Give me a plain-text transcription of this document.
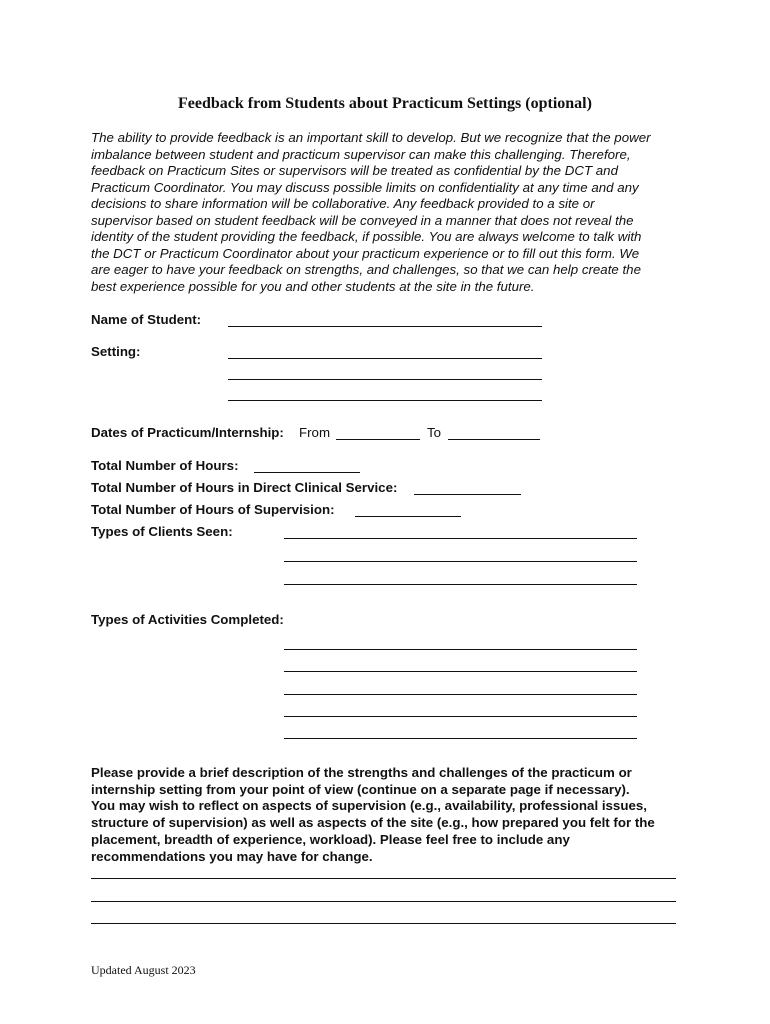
Feedback from Students about Practicum Settings (optional)
The ability to provide feedback is an important skill to develop. But we recognize that the power
imbalance between student and practicum supervisor can make this challenging. Therefore,
feedback on Practicum Sites or supervisors will be treated as confidential by the DCT and
Practicum Coordinator. You may discuss possible limits on confidentiality at any time and any
decisions to share information will be collaborative. Any feedback provided to a site or
supervisor based on student feedback will be conveyed in a manner that does not reveal the
identity of the student providing the feedback, if possible. You are always welcome to talk with
the DCT or Practicum Coordinator about your practicum experience or to fill out this form. We
are eager to have your feedback on strengths, and challenges, so that we can help create the
best experience possible for you and other students at the site in the future.
Name of Student:
Setting:
Dates of Practicum/Internship: From	To
Total Number of Hours:
Total Number of Hours in Direct Clinical Service:
Total Number of Hours of Supervision:
Types of Clients Seen:
Types of Activities Completed:
Please provide a brief description of the strengths and challenges of the practicum or
internship setting from your point of view (continue on a separate page if necessary).
You may wish to reflect on aspects of supervision (e.g., availability, professional issues,
structure of supervision) as well as aspects of the site (e.g., how prepared you felt for the
placement, breadth of experience, workload). Please feel free to include any
recommendations you may have for change.
Updated August 2023
